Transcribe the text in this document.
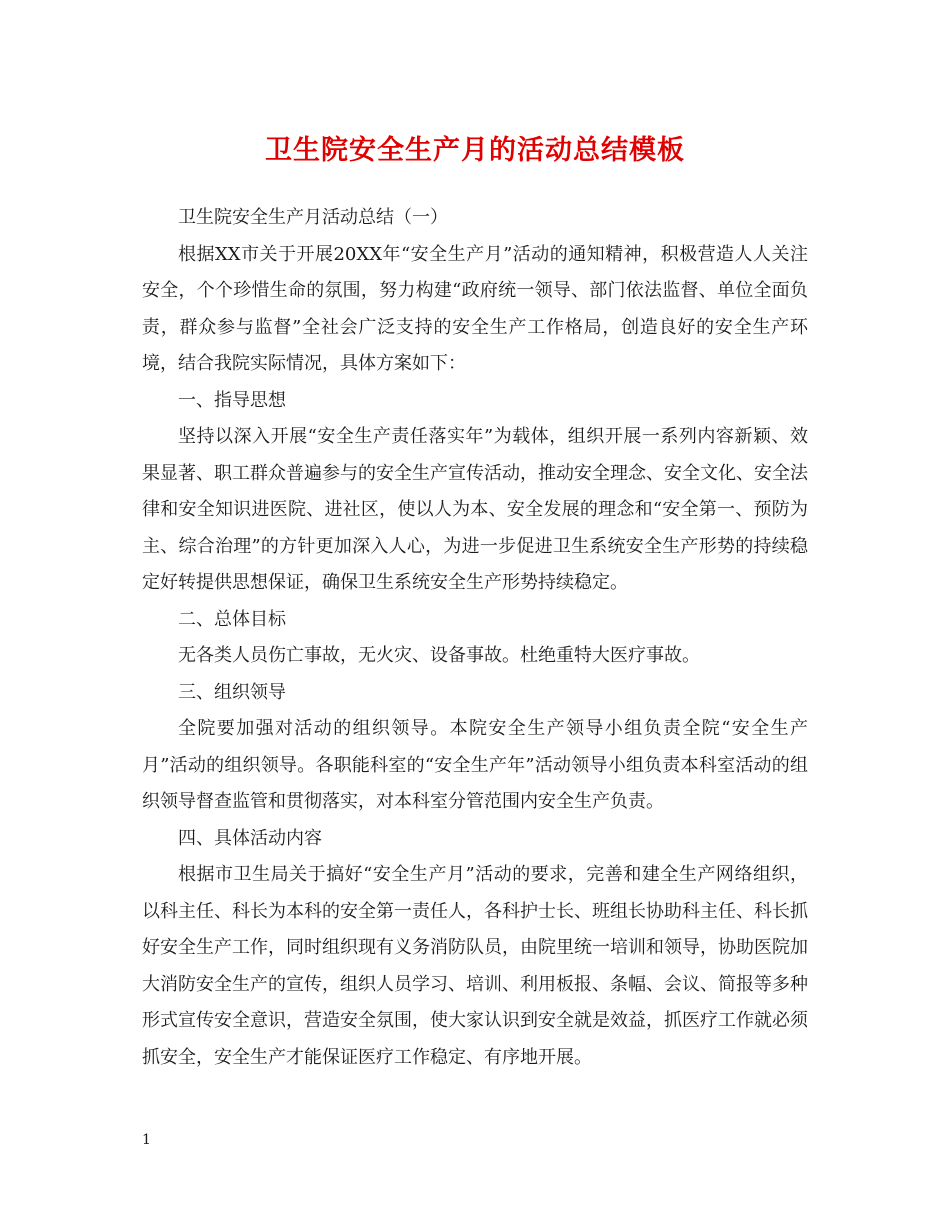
卫生院安全生产月的活动总结模板

卫生院安全生产月活动总结（一）

根据XX市关于开展20XX年“安全生产月”活动的通知精神，积极营造人人关注安全，个个珍惜生命的氛围，努力构建“政府统一领导、部门依法监督、单位全面负责，群众参与监督”全社会广泛支持的安全生产工作格局，创造良好的安全生产环境，结合我院实际情况，具体方案如下：

一、指导思想

坚持以深入开展“安全生产责任落实年”为载体，组织开展一系列内容新颖、效果显著、职工群众普遍参与的安全生产宣传活动，推动安全理念、安全文化、安全法律和安全知识进医院、进社区，使以人为本、安全发展的理念和“安全第一、预防为主、综合治理”的方针更加深入人心，为进一步促进卫生系统安全生产形势的持续稳定好转提供思想保证，确保卫生系统安全生产形势持续稳定。

二、总体目标

无各类人员伤亡事故，无火灾、设备事故。杜绝重特大医疗事故。

三、组织领导

全院要加强对活动的组织领导。本院安全生产领导小组负责全院“安全生产月”活动的组织领导。各职能科室的“安全生产年”活动领导小组负责本科室活动的组织领导督查监管和贯彻落实，对本科室分管范围内安全生产负责。

四、具体活动内容

根据市卫生局关于搞好“安全生产月”活动的要求，完善和建全生产网络组织，以科主任、科长为本科的安全第一责任人，各科护士长、班组长协助科主任、科长抓好安全生产工作，同时组织现有义务消防队员，由院里统一培训和领导，协助医院加大消防安全生产的宣传，组织人员学习、培训、利用板报、条幅、会议、简报等多种形式宣传安全意识，营造安全氛围，使大家认识到安全就是效益，抓医疗工作就必须抓安全，安全生产才能保证医疗工作稳定、有序地开展。

1
